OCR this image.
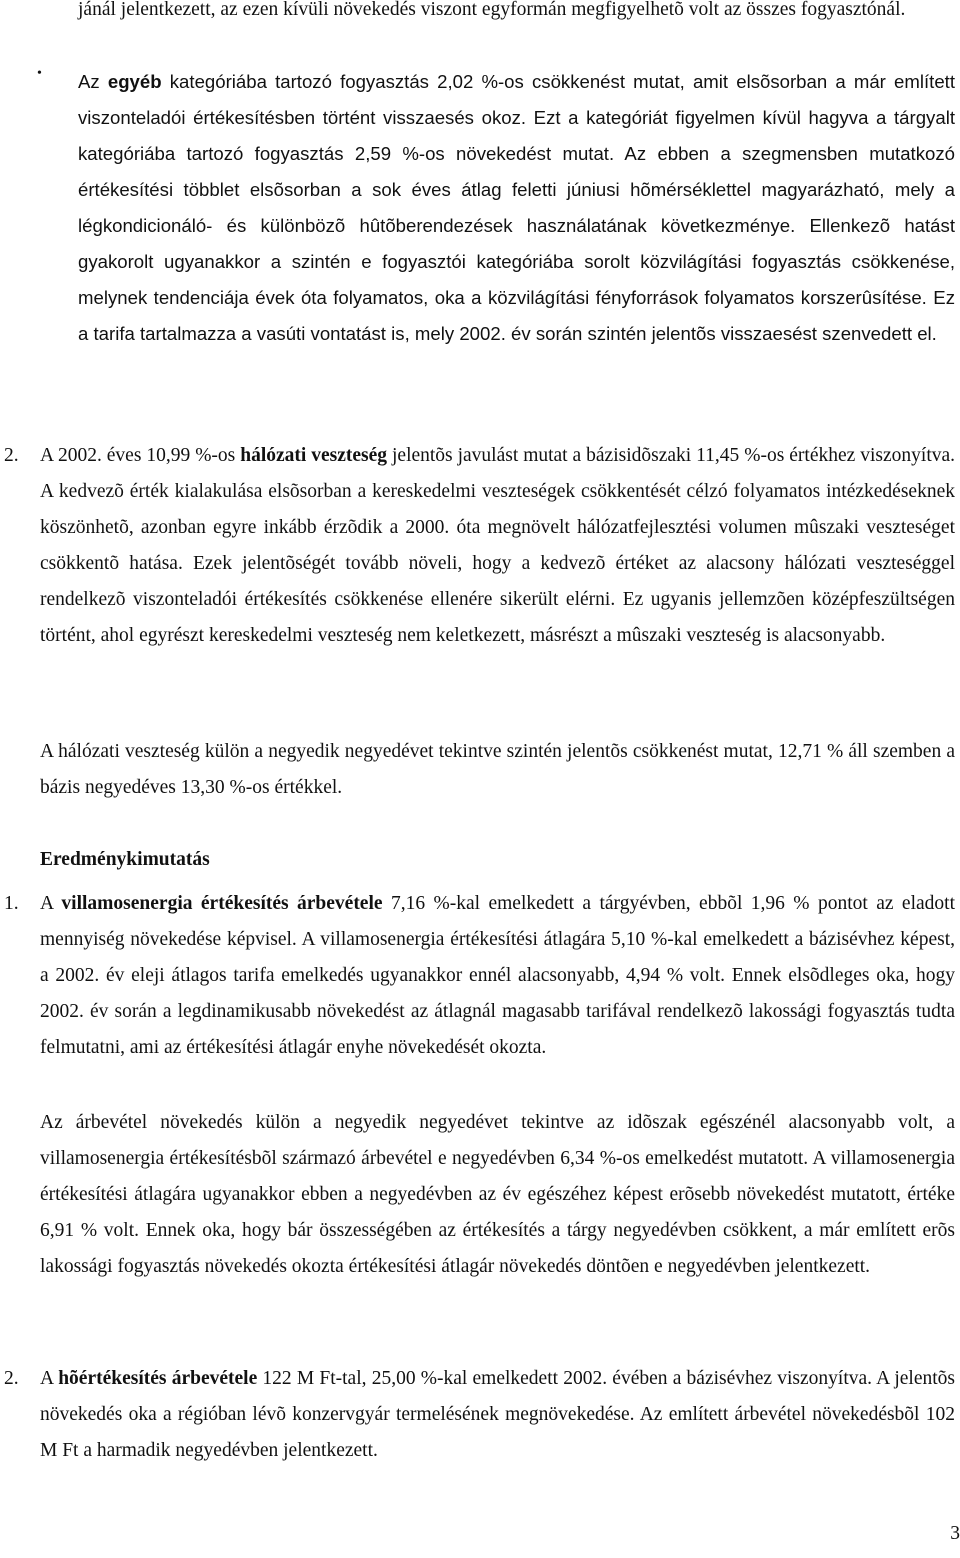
jánál jelentkezett, az ezen kívüli növekedés viszont egyformán megfigyelhetõ volt az összes fogyasztónál.

• Az egyéb kategóriába tartozó fogyasztás 2,02 %-os csökkenést mutat, amit elsõsorban a már említett viszonteladói értékesítésben történt visszaesés okoz. Ezt a kategóriát figyelmen kívül hagyva a tárgyalt kategóriába tartozó fogyasztás 2,59 %-os növekedést mutat. Az ebben a szegmensben mutatkozó értékesítési többlet elsõsorban a sok éves átlag feletti júniusi hõmérséklettel magyarázható, mely a légkondicionáló- és különbözõ hûtõberendezések használatának következménye. Ellenkezõ hatást gyakorolt ugyanakkor a szintén e fogyasztói kategóriába sorolt közvilágítási fogyasztás csökkenése, melynek tendenciája évek óta folyamatos, oka a közvilágítási fényforrások folyamatos korszerûsítése. Ez a tarifa tartalmazza a vasúti vontatást is, mely 2002. év során szintén jelentõs visszaesést szenvedett el.

2. A 2002. éves 10,99 %-os hálózati veszteség jelentõs javulást mutat a bázisidõszaki 11,45 %-os értékhez viszonyítva. A kedvezõ érték kialakulása elsõsorban a kereskedelmi veszteségek csökkentését célzó folyamatos intézkedéseknek köszönhetõ, azonban egyre inkább érzõdik a 2000. óta megnövelt hálózatfejlesztési volumen mûszaki veszteséget csökkentõ hatása. Ezek jelentõségét tovább növeli, hogy a kedvezõ értéket az alacsony hálózati veszteséggel rendelkezõ viszonteladói értékesítés csökkenése ellenére sikerült elérni. Ez ugyanis jellemzõen középfeszültségen történt, ahol egyrészt kereskedelmi veszteség nem keletkezett, másrészt a mûszaki veszteség is alacsonyabb.

A hálózati veszteség külön a negyedik negyedévet tekintve szintén jelentõs csökkenést mutat, 12,71 % áll szemben a bázis negyedéves 13,30 %-os értékkel.

Eredménykimutatás
1. A villamosenergia értékesítés árbevétele 7,16 %-kal emelkedett a tárgyévben, ebbõl 1,96 % pontot az eladott mennyiség növekedése képvisel. A villamosenergia értékesítési átlagára 5,10 %-kal emelkedett a bázisévhez képest, a 2002. év eleji átlagos tarifa emelkedés ugyanakkor ennél alacsonyabb, 4,94 % volt. Ennek elsõdleges oka, hogy 2002. év során a legdinamikusabb növekedést az átlagnál magasabb tarifával rendelkezõ lakossági fogyasztás tudta felmutatni, ami az értékesítési átlagár enyhe növekedését okozta.

Az árbevétel növekedés külön a negyedik negyedévet tekintve az idõszak egészénél alacsonyabb volt, a villamosenergia értékesítésbõl származó árbevétel e negyedévben 6,34 %-os emelkedést mutatott. A villamosenergia értékesítési átlagára ugyanakkor ebben a negyedévben az év egészéhez képest erõsebb növekedést mutatott, értéke 6,91 % volt. Ennek oka, hogy bár összességében az értékesítés a tárgy negyedévben csökkent, a már említett erõs lakossági fogyasztás növekedés okozta értékesítési átlagár növekedés döntõen e negyedévben jelentkezett.

2. A hõértékesítés árbevétele 122 M Ft-tal, 25,00 %-kal emelkedett 2002. évében a bázisévhez viszonyítva. A jelentõs növekedés oka a régióban lévõ konzervgyár termelésének megnövekedése. Az említett árbevétel növekedésbõl 102 M Ft a harmadik negyedévben jelentkezett.

3
